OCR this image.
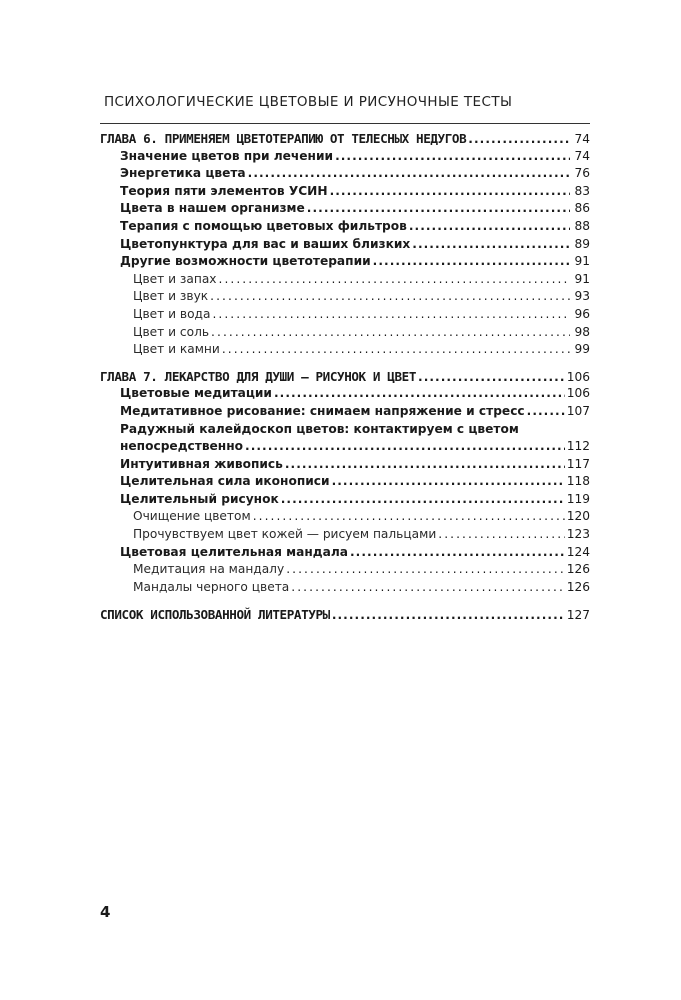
ПСИХОЛОГИЧЕСКИЕ ЦВЕТОВЫЕ И РИСУНОЧНЫЕ ТЕСТЫ
ГЛАВА 6. ПРИМЕНЯЕМ ЦВЕТОТЕРАПИЮ ОТ ТЕЛЕСНЫХ НЕДУГОВ . . .	74
Значение цветов при лечении . . .	74
Энергетика цвета . . .	76
Теория пяти элементов УСИН . . .	83
Цвета в нашем организме . . .	86
Терапия с помощью цветовых фильтров . . .	88
Цветопунктура для вас и ваших близких . . .	89
Другие возможности цветотерапии . . .	91
Цвет и запах . . .	91
Цвет и звук . . .	93
Цвет и вода . . .	96
Цвет и соль . . .	98
Цвет и камни . . .	99
ГЛАВА 7. ЛЕКАРСТВО ДЛЯ ДУШИ — РИСУНОК И ЦВЕТ . . .	106
Цветовые медитации . . .	106
Медитативное рисование: снимаем напряжение и стресс . . .	107
Радужный калейдоскоп цветов: контактируем с цветом
непосредственно . . .	112
Интуитивная живопись . . .	117
Целительная сила иконописи . . .	118
Целительный рисунок . . .	119
Очищение цветом . . .	120
Прочувствуем цвет кожей — рисуем пальцами . . .	123
Цветовая целительная мандала . . .	124
Медитация на мандалу . . .	126
Мандалы черного цвета . . .	126
СПИСОК ИСПОЛЬЗОВАННОЙ ЛИТЕРАТУРЫ . . .	127
4
